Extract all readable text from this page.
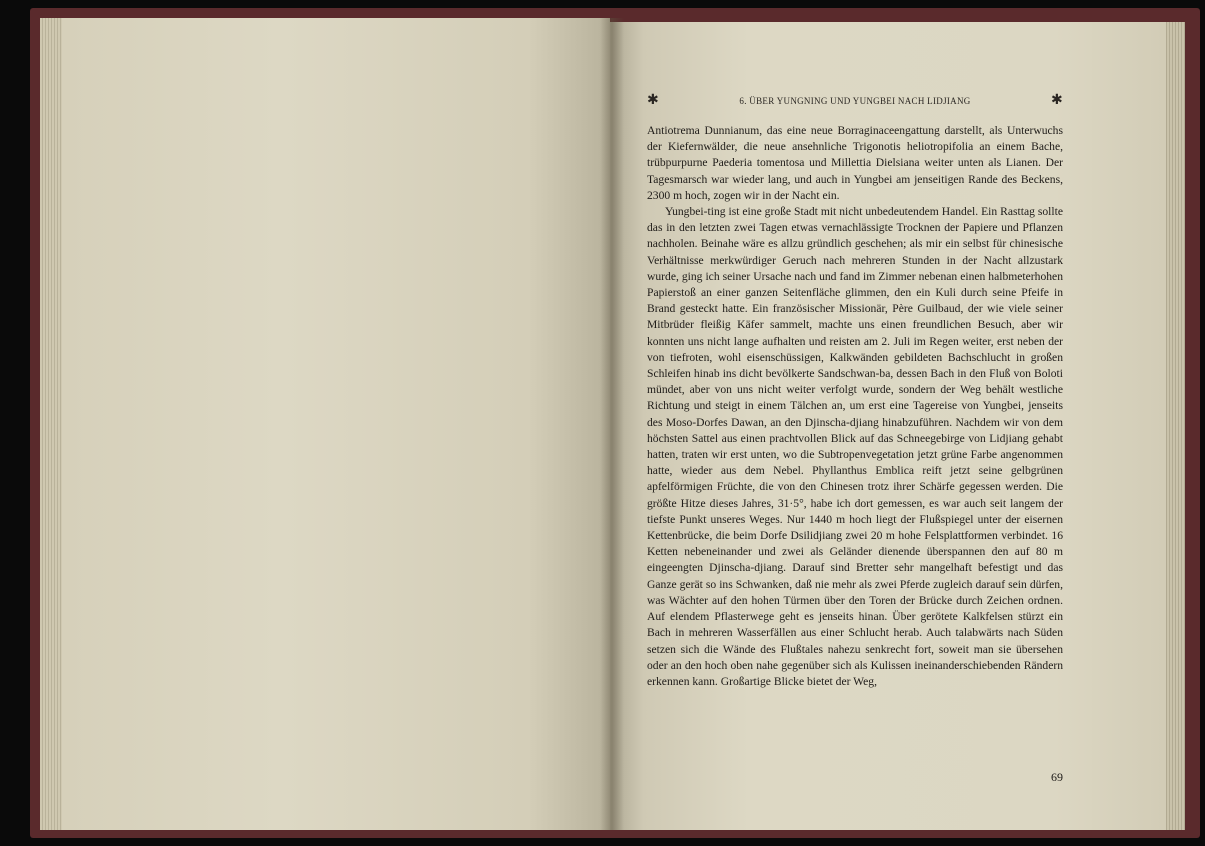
✱	6. ÜBER YUNGNING UND YUNGBEI NACH LIDJIANG	✱

Antiotrema Dunnianum, das eine neue Borraginaceengattung darstellt, als Unterwuchs der Kiefernwälder, die neue ansehnliche Trigonotis heliotropifolia an einem Bache, trübpurpurne Paederia tomentosa und Millettia Dielsiana weiter unten als Lianen. Der Tagesmarsch war wieder lang, und auch in Yungbei am jenseitigen Rande des Beckens, 2300 m hoch, zogen wir in der Nacht ein.

Yungbei-ting ist eine große Stadt mit nicht unbedeutendem Handel. Ein Rasttag sollte das in den letzten zwei Tagen etwas vernachlässigte Trocknen der Papiere und Pflanzen nachholen. Beinahe wäre es allzu gründlich geschehen; als mir ein selbst für chinesische Verhältnisse merkwürdiger Geruch nach mehreren Stunden in der Nacht allzustark wurde, ging ich seiner Ursache nach und fand im Zimmer nebenan einen halbmeterhohen Papierstoß an einer ganzen Seitenfläche glimmen, den ein Kuli durch seine Pfeife in Brand gesteckt hatte. Ein französischer Missionär, Père Guilbaud, der wie viele seiner Mitbrüder fleißig Käfer sammelt, machte uns einen freundlichen Besuch, aber wir konnten uns nicht lange aufhalten und reisten am 2. Juli im Regen weiter, erst neben der von tiefroten, wohl eisenschüssigen, Kalkwänden gebildeten Bachschlucht in großen Schleifen hinab ins dicht bevölkerte Sandschwan-ba, dessen Bach in den Fluß von Boloti mündet, aber von uns nicht weiter verfolgt wurde, sondern der Weg behält westliche Richtung und steigt in einem Tälchen an, um erst eine Tagereise von Yungbei, jenseits des Moso-Dorfes Dawan, an den Djinscha-djiang hinabzuführen. Nachdem wir von dem höchsten Sattel aus einen prachtvollen Blick auf das Schneegebirge von Lidjiang gehabt hatten, traten wir erst unten, wo die Subtropenvegetation jetzt grüne Farbe angenommen hatte, wieder aus dem Nebel. Phyllanthus Emblica reift jetzt seine gelbgrünen apfelförmigen Früchte, die von den Chinesen trotz ihrer Schärfe gegessen werden. Die größte Hitze dieses Jahres, 31·5°, habe ich dort gemessen, es war auch seit langem der tiefste Punkt unseres Weges. Nur 1440 m hoch liegt der Flußspiegel unter der eisernen Kettenbrücke, die beim Dorfe Dsilidjiang zwei 20 m hohe Felsplattformen verbindet. 16 Ketten nebeneinander und zwei als Geländer dienende überspannen den auf 80 m eingeengten Djinscha-djiang. Darauf sind Bretter sehr mangelhaft befestigt und das Ganze gerät so ins Schwanken, daß nie mehr als zwei Pferde zugleich darauf sein dürfen, was Wächter auf den hohen Türmen über den Toren der Brücke durch Zeichen ordnen. Auf elendem Pflasterwege geht es jenseits hinan. Über gerötete Kalkfelsen stürzt ein Bach in mehreren Wasserfällen aus einer Schlucht herab. Auch talabwärts nach Süden setzen sich die Wände des Flußtales nahezu senkrecht fort, soweit man sie übersehen oder an den hoch oben nahe gegenüber sich als Kulissen ineinanderschiebenden Rändern erkennen kann. Großartige Blicke bietet der Weg,

69
